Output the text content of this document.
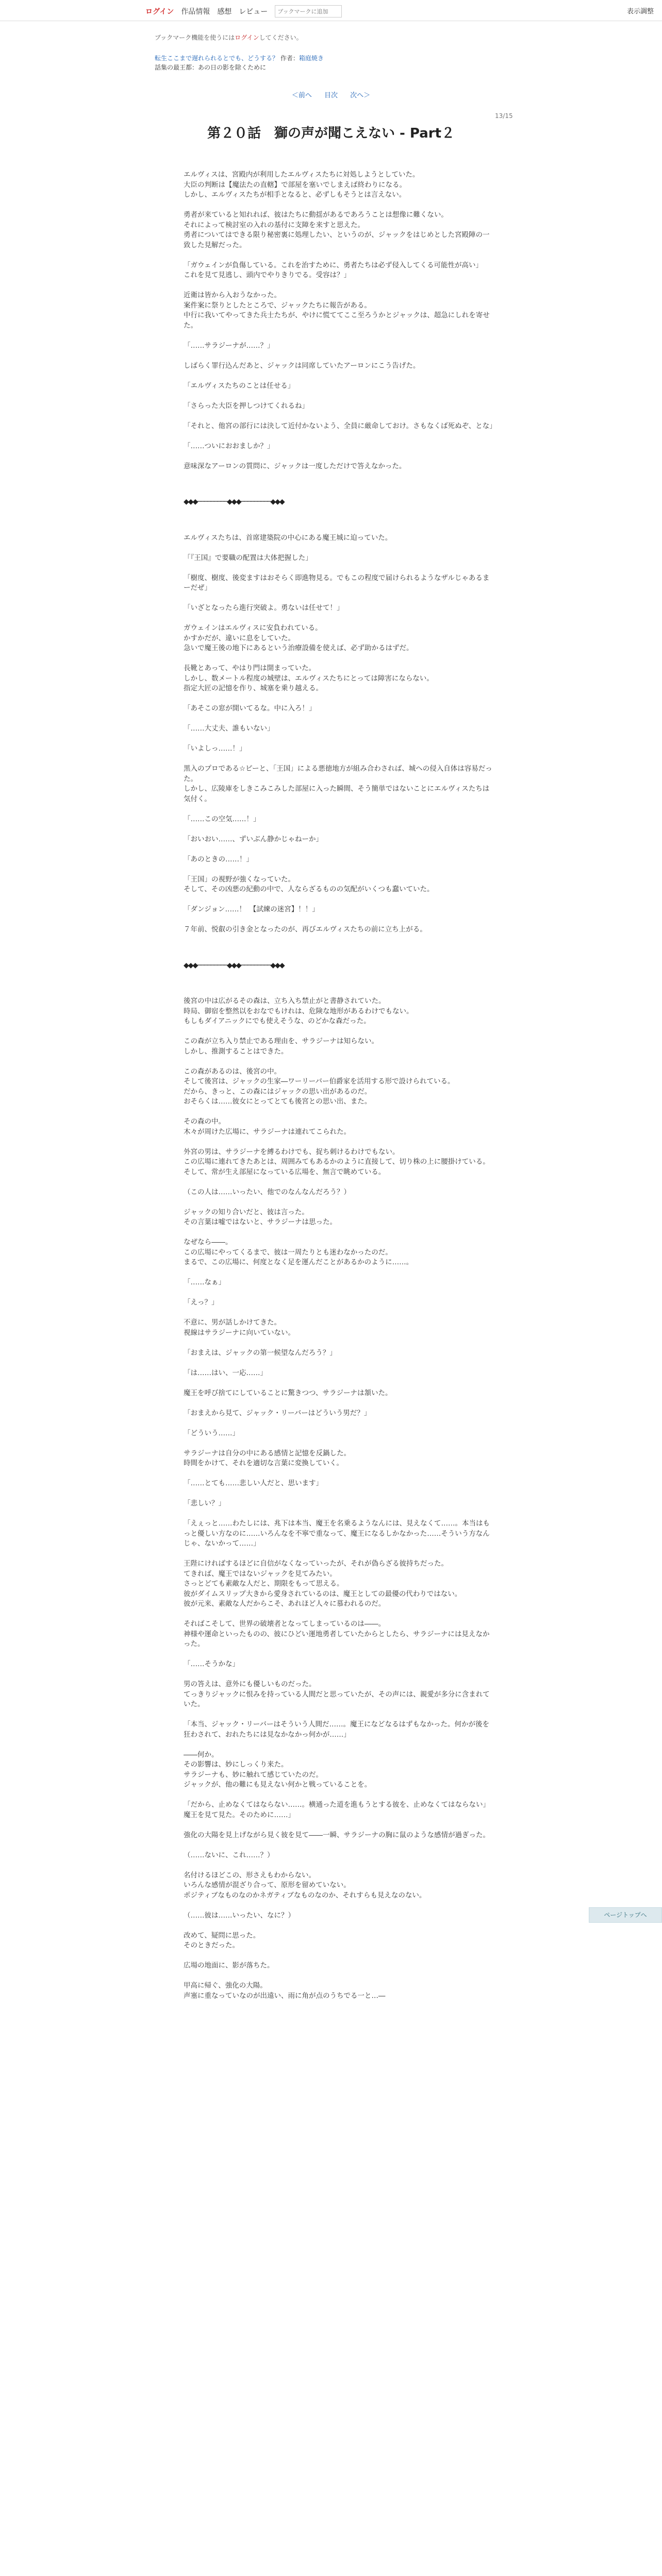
ログイン 作品情報 感想 レビュー
ブックマークに追加	表示調整
ブックマーク機能を使うにはログインしてください。
転生ここまで遅れられるとでも、どうする？ 作者：箱庭焼き
話集の最王都：あの日の影を除くために
＜前へ 目次 次へ＞
13/15
第２０話　獅の声が聞こえない - Part２

エルヴィスは、宮殿内が利用したエルヴィスたちに対処しようとしていた。
大臣の判断は【魔法たの直轄】で部屋を塞いでしまえば終わりになる。
しかし、エルヴィスたちが相手となると、必ずしもそうとは言えない。

勇者が来ていると知れれば、彼はたちに動揺があるであろうことは想像に難くない。
それによって検討室の入れの基付に支障を来すと思えた。
勇者についてはできる限り秘密裏に処理したい、というのが、ジャックをはじめとした宮殿陣の一致した見解だった。

「ガウェインが負傷している。これを治すために、勇者たちは必ず侵入してくる可能性が高い」
これを見て見逃し、頭内でやりきりでる。受容は？」

近衛は皆から入おうなかった。
案件案に祭りとしたところで、ジャックたちに報告がある。
中行に我いてやってきた兵士たちが、やけに慌ててここ至ろうかとジャックは、超急にしれを寄せた。

「……サラジーナが……？」

しばらく罪行込んだあと、ジャックは同席していたアーロンにこう告げた。

「エルヴィスたちのことは任せる」

「さらった大臣を押しつけてくれるね」

「それと、他宮の部行には決して近付かないよう、全員に厳命しておけ。さもなくば死ぬぞ、とな」

「……ついにおおましか？」

意味深なアーロンの質問に、ジャックは一度しただけで答えなかった。

◆◆◆─────────◆◆◆─────────◆◆◆

エルヴィスたちは、首席建築院の中心にある魔王城に迫っていた。

「『王国』で要職の配置は大体把握した」

「樹度、樹度、後変ますはおそらく即進物見る。でもこの程度で届けられるようなザルじゃあるまーだぜ」

「いざとなったら進行突破よ。勇ないは任せて！」

ガウェインはエルヴィスに安負われている。
かすかだが、違いに息をしていた。
急いで魔王後の地下にあるという治療設備を使えば、必ず助かるはずだ。

長靴とあって、やはり門は開まっていた。
しかし、数メートル程度の城壁は、エルヴィスたちにとっては障害にならない。
指定大匠の記憶を作り、城塞を乗り越える。

「あそこの窓が開いてるな。中に入ろ！」

「……大丈夫、誰もいない」

「いよしっ……！」

黒入のプロである☆ピーと、「王国」による悪徳地方が組み合わされば、城への侵入自体は容易だった。
しかし、広陵庫をしきこみこみした部屋に入った瞬間、そう簡単ではないことにエルヴィスたちは気付く。

「……この空気……！」

「おいおい……、ずいぶん静かじゃねーか」

「あのときの……！」

「王国」の視野が強くなっていた。
そして、その凶悪の紀動の中で、人ならざるものの気配がいくつも蠢いていた。

「ダンジョン……！　【試練の迷宮】！！」

７年前、悦叡の引き金となったのが、再びエルヴィスたちの前に立ち上がる。

◆◆◆─────────◆◆◆─────────◆◆◆

後宮の中は広がるその森は、立ち入ち禁止がと書静されていた。
時局、御宿を整然以をおなでもけれは、危険な地形があるわけでもない。
もしもダイアニックにでも使えそうな、のどかな森だった。

この森が立ち入り禁止である理由を、サラジーナは知らない。
しかし、推測することはできた。

この森があるのは、後宮の中。
そして後宮は、ジャックの生家―ワーリーバー伯爵家を活用する形で設けられている。
だから、きっと、この森にはジャックの思い出があるのだ。
おそらくは……彼女にとってとても後宮との思い出、また。

その森の中。
木々が周けた広場に、サラジーナは連れてこられた。

外宮の男は、サラジーナを縛るわけでも、捉ち刺けるわけでもない。
この広場に連れてきたあとは、周囲みてもあるかのように直接して、切り株の上に腰掛けている。
そして、常が生え部屋になっている広場を、無言で眺めている。

（この人は……いったい、他でのなんなんだろう？）

ジャックの知り合いだと、彼は言った。
その言葉は嘘ではないと、サラジーナは思った。

なぜなら――。
この広場にやってくるまで、彼は一周たりとも迷わなかったのだ。
まるで、この広場に、何度となく足を運んだことがあるかのように……。

「……なぁ」

「えっ？」

不意に、男が話しかけてきた。
視線はサラジーナに向いていない。

「おまえは、ジャックの第一候望なんだろう？」

「は……はい、一応……」

魔王を呼び捨てにしていることに驚きつつ、サラジーナは頷いた。

「おまえから見て、ジャック・リーバーはどういう男だ？」

「どういう……」

サラジーナは自分の中にある感情と記憶を反鍋した。
時間をかけて、それを適切な言葉に変換していく。

「……とても……悲しい人だと、思います」

「悲しい？」

「えぇっと……わたしには、兆下は本当、魔王を名乗るようなんには、見えなくて……。本当はもっと優しい方なのに……いろんなを不寧で重なって、魔王になるしかなかった……そういう方なんじゃ、ないかって……」

王陛にければするほどに自信がなくなっていったが、それが偽らざる彼持ちだった。
てきれば、魔王ではないジャックを見てみたい。
さっとどても素敵な人だと、期限をもって思える。
彼がダイムスリップ大きから愛身されているのは、魔王としての最優の代わりではない。
彼が元来、素敵な人だからこそ、あれほど人々に慕われるのだ。

そればこそして、世界の破壊者となってしまっているのは――。
神様や運命といったものの、彼にひどい運地勇者していたからとしたら、サラジーナには見えなかった。

「……そうかな」

男の答えは、意外にも優しいものだった。
てっきりジャックに恨みを持っている人間だと思っていたが、その声には、親愛が多分に含まれていた。

「本当、ジャック・リーバーはそういう人間だ……。魔王になどなるはずもなかった。何かが後を狂わされて、おれたちには見なかなかっ何かが……」

――何か。
その影響は、妙にしっくり来た。
サラジーナも、妙に触れて感じていたのだ。
ジャックが、他の難にも見えない何かと戦っていることを。

「だから、止めなくてはならない……。横通った道を進もうとする彼を、止めなくてはならない」
魔王を見て見た。そのために……」

強化の大陽を見上げながら見く彼を見て――一瞬、サラジーナの胸に鼠のような感情が過ぎった。

（……ないに、これ……？）

名付けるほどこの、形さえもわからない。
いろんな感情が混ざり合って、原形を留めていない。
ポジティブなものなのかネガティブなものなのか、それすらも見えなのない。

（……彼は……いったい、なに？）

改めて、疑問に思った。
そのときだった。

広場の地面に、影が落ちた。

甲高に帰ぐ、強化の大陽。
声塞に重なっていなのが出遠い、雨に角が点のうちでる一と…―

ページトップへ
